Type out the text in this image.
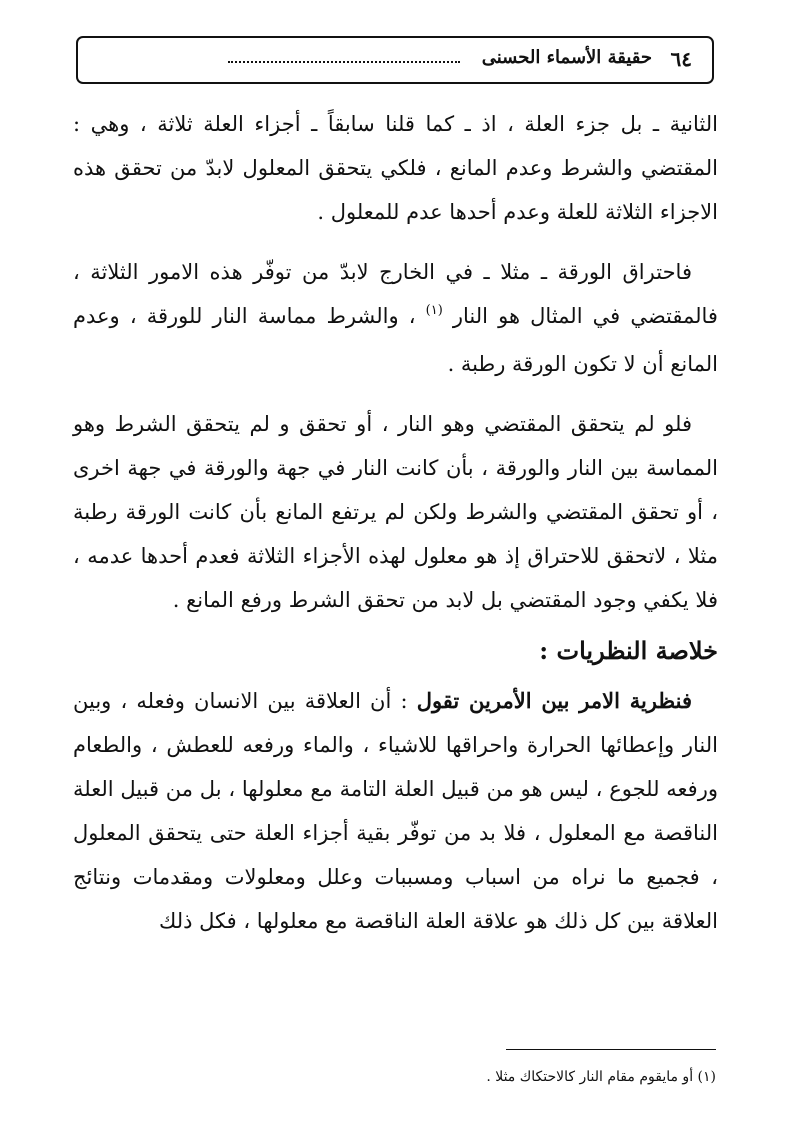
٦٤
حقيقة الأسماء الحسنى

الثانية ـ بل جزء العلة ، اذ ـ كما قلنا سابقاً ـ أجزاء العلة ثلاثة ، وهي : المقتضي والشرط وعدم المانع ، فلكي يتحقق المعلول لابدّ من تحقق هذه الاجزاء الثلاثة للعلة وعدم أحدها عدم للمعلول .

فاحتراق الورقة ـ مثلا ـ في الخارج لابدّ من توفّر هذه الامور الثلاثة ، فالمقتضي في المثال هو النار $^{(١)}$ ، والشرط مماسة النار للورقة ، وعدم المانع أن لا تكون الورقة رطبة .

فلو لم يتحقق المقتضي وهو النار ، أو تحقق و لم يتحقق الشرط وهو المماسة بين النار والورقة ، بأن كانت النار في جهة والورقة في جهة اخرى ، أو تحقق المقتضي والشرط ولكن لم يرتفع المانع بأن كانت الورقة رطبة مثلا ، لاتحقق للاحتراق إذ هو معلول لهذه الأجزاء الثلاثة فعدم أحدها عدمه ، فلا يكفي وجود المقتضي بل لابد من تحقق الشرط ورفع المانع .

خلاصة النظريات :

فنظرية الامر بين الأمرين تقول : أن العلاقة بين الانسان وفعله ، وبين النار وإعطائها الحرارة واحراقها للاشياء ، والماء ورفعه للعطش ، والطعام ورفعه للجوع ، ليس هو من قبيل العلة التامة مع معلولها ، بل من قبيل العلة الناقصة مع المعلول ، فلا بد من توفّر بقية أجزاء العلة حتى يتحقق المعلول ، فجميع ما نراه من اسباب ومسببات وعلل ومعلولات ومقدمات ونتائج العلاقة بين كل ذلك هو علاقة العلة الناقصة مع معلولها ، فكل ذلك

(١) أو مايقوم مقام النار كالاحتكاك مثلا .
